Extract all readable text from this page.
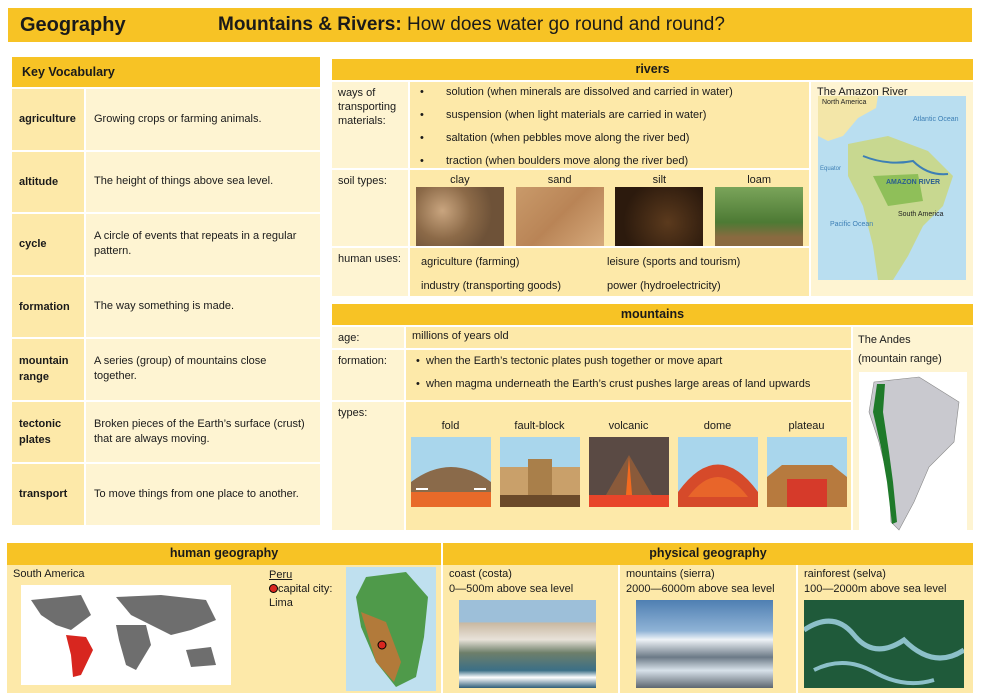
Geography	Mountains & Rivers: How does water go round and round?
Key Vocabulary
agriculture	Growing crops or farming animals.
altitude	The height of things above sea level.
cycle
A circle of events that repeats in a regular pattern.
formation	The way something is made.
mountain range
A series (group) of mountains close together.
tectonic plates
Broken pieces of the Earth’s surface (crust) that are always moving.
transport	To move things from one place to another.
rivers
ways of transporting materials:
• solution (when minerals are dissolved and carried in water)
• suspension (when light materials are carried in water)
• saltation (when pebbles move along the river bed)
• traction (when boulders move along the river bed)
soil types:	clay	sand	silt	loam
human uses:	agriculture (farming)	leisure (sports and tourism)
industry (transporting goods)	power (hydroelectricity)
The Amazon River
North America
Atlantic Ocean
Equator
AMAZON RIVER
South America
Pacific Ocean
mountains
age:	millions of years old
formation:
•	when the Earth’s tectonic plates push together or move apart
• when magma underneath the Earth’s crust pushes large areas of land upwards
types:
fold	fault-block	volcanic	dome	plateau
The Andes
(mountain range)
human geography
South America	Peru
capital city:
Lima
physical geography
coast (costa)
0—500m above sea level
mountains (sierra)
2000—6000m above sea level
rainforest (selva)
100—2000m above sea level
